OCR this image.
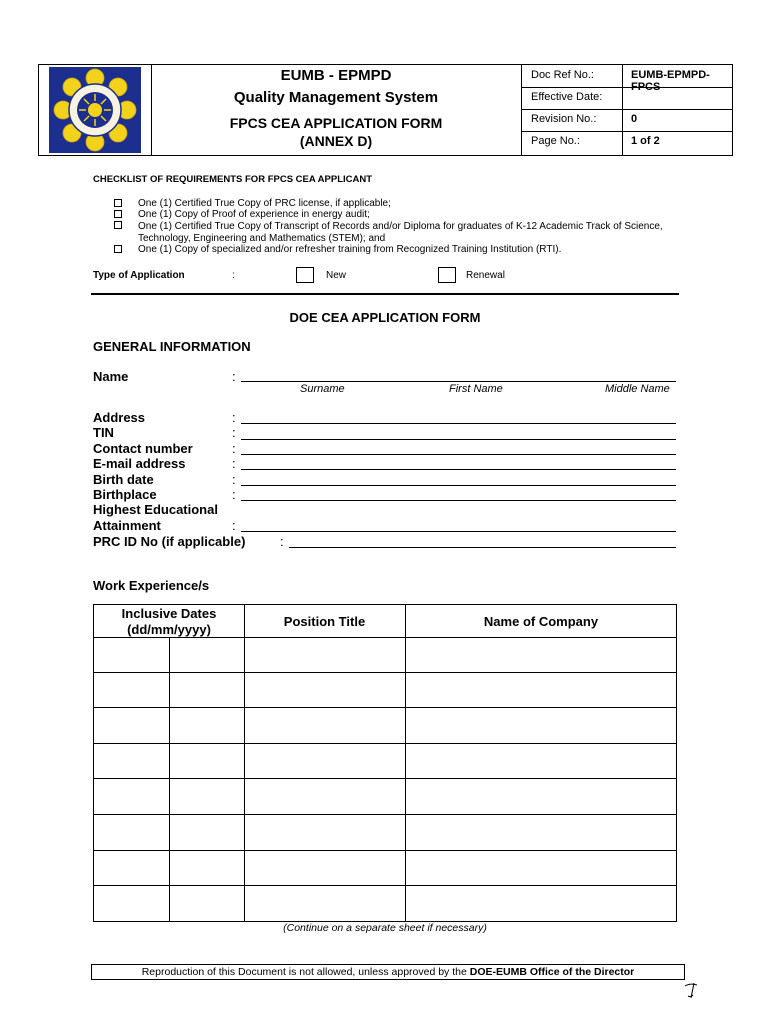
EUMB - EPMPD
Quality Management System
FPCS CEA APPLICATION FORM
(ANNEX D)
Doc Ref No.:	EUMB-EPMPD-FPCS
Effective Date:
Revision No.:	0
Page No.:	1 of 2
CHECKLIST OF REQUIREMENTS FOR FPCS CEA APPLICANT
One (1) Certified True Copy of PRC license, if applicable;
One (1) Copy of Proof of experience in energy audit;
One (1) Certified True Copy of Transcript of Records and/or Diploma for graduates of K-12 Academic Track of Science,
Technology, Engineering and Mathematics (STEM); and
One (1) Copy of specialized and/or refresher training from Recognized Training Institution (RTI).
Type of Application	:	New	Renewal
DOE CEA APPLICATION FORM
GENERAL INFORMATION
Name	:
Surname	First Name	Middle Name
Address	:
TIN	:
Contact number	:
E-mail address	:
Birth date	:
Birthplace	:
Highest Educational
Attainment	:
PRC ID No (if applicable)	:
Work Experience/s
Inclusive Dates
(dd/mm/yyyy)
Position Title	Name of Company
(Continue on a separate sheet if necessary)
Reproduction of this Document is not allowed, unless approved by the DOE-EUMB Office of the Director
